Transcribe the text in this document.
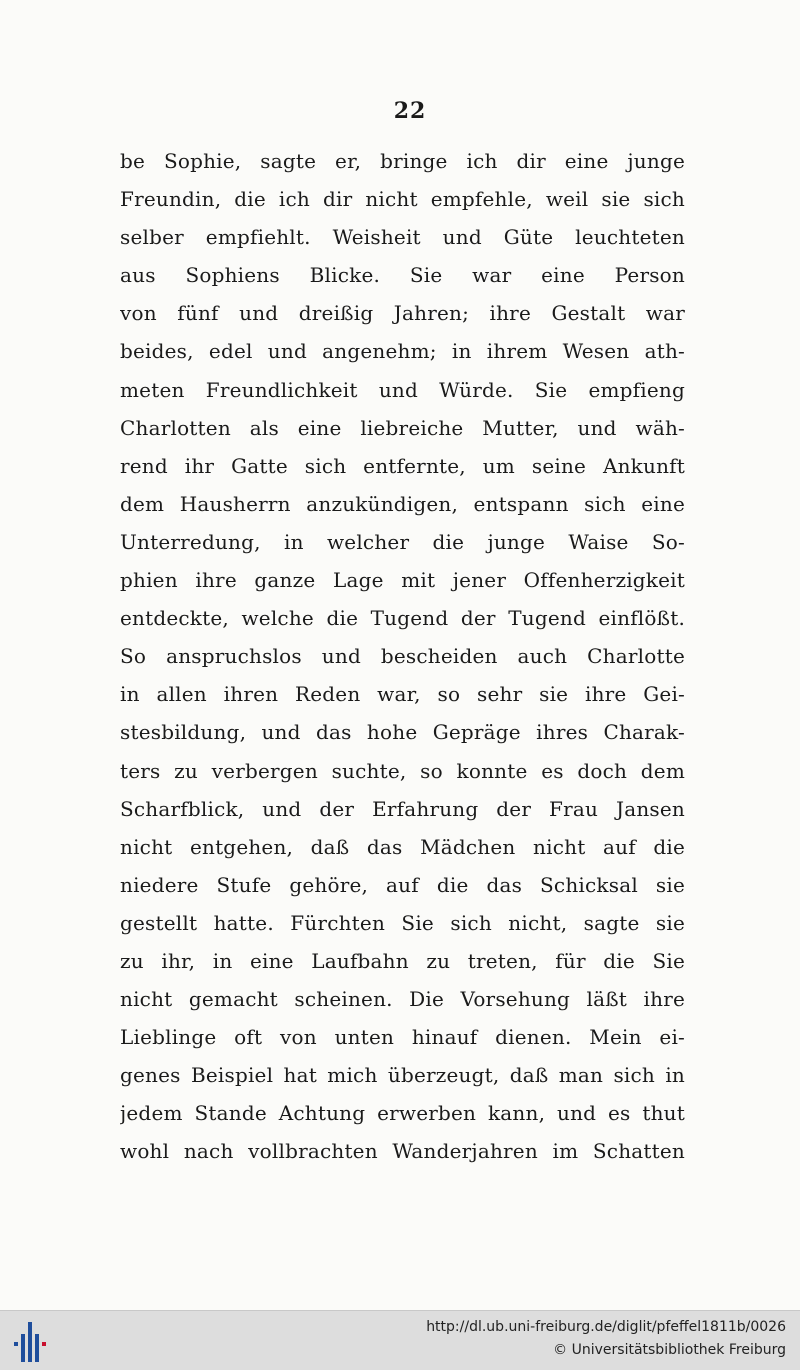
22
be Sophie, sagte er, bringe ich dir eine junge
Freundin, die ich dir nicht empfehle, weil sie sich
selber empfiehlt. Weisheit und Güte leuchteten
aus Sophiens Blicke. Sie war eine Person
von fünf und dreißig Jahren; ihre Gestalt war
beides, edel und angenehm; in ihrem Wesen ath-
meten Freundlichkeit und Würde. Sie empfieng
Charlotten als eine liebreiche Mutter, und wäh-
rend ihr Gatte sich entfernte, um seine Ankunft
dem Hausherrn anzukündigen, entspann sich eine
Unterredung, in welcher die junge Waise So-
phien ihre ganze Lage mit jener Offenherzigkeit
entdeckte, welche die Tugend der Tugend einflößt.
So anspruchslos und bescheiden auch Charlotte
in allen ihren Reden war, so sehr sie ihre Gei-
stesbildung, und das hohe Gepräge ihres Charak-
ters zu verbergen suchte, so konnte es doch dem
Scharfblick, und der Erfahrung der Frau Jansen
nicht entgehen, daß das Mädchen nicht auf die
niedere Stufe gehöre, auf die das Schicksal sie
gestellt hatte. Fürchten Sie sich nicht, sagte sie
zu ihr, in eine Laufbahn zu treten, für die Sie
nicht gemacht scheinen. Die Vorsehung läßt ihre
Lieblinge oft von unten hinauf dienen. Mein ei-
genes Beispiel hat mich überzeugt, daß man sich in
jedem Stande Achtung erwerben kann, und es thut
wohl nach vollbrachten Wanderjahren im Schatten
http://dl.ub.uni-freiburg.de/diglit/pfeffel1811b/0026
© Universitätsbibliothek Freiburg
